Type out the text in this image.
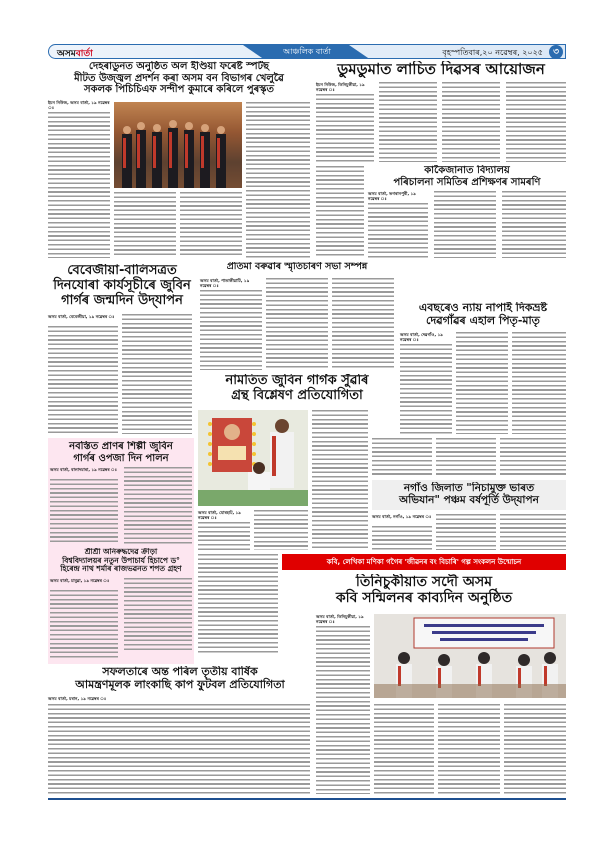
অসমবাৰ্তা	আঞ্চলিক বাৰ্তা	বৃহস্পতিবাৰ,২০ নৱেম্বৰ, ২০২৫	৩
দেহৰাডুনত অনুষ্ঠিত অল ইণ্ডিয়া ফৰেষ্ট স্পৰ্টছ
মীটত উজ্জ্বল প্ৰদৰ্শন কৰা অসম বন বিভাগৰ খেলুৱৈ
সকলক পিচিচিএফ সন্দীপ কুমাৰে কৰিলে পুৰস্কৃত
ইচন নিউজ, অসম বাৰ্তা, ১৯ নৱেম্বৰ ঃ
ডুমডুমাত লাচিত দিৱসৰ আয়োজন
ইচন নিউজ, তিনিচুকীয়া, ১৯ নৱেম্বৰ ঃ
কাকৈজানাত বিদ্যালয়
পৰিচালনা সমিতিৰ প্ৰশিক্ষণৰ সামৰণি
অসম বাৰ্তা, ভগৰানপুৰী, ১৯ নৱেম্বৰ ঃ
বেবেজীয়া-বালিসত্ৰত
দিনযোৰা কাৰ্যসূচীৰে জুবিন
গাৰ্গৰ জন্মদিন উদ্‌যাপন
অসম বাৰ্তা, বেবেজীয়া, ১৯ নৱেম্বৰ ঃ
প্ৰতিমা বৰুৱাৰ স্মৃতিচাৰণ সভা সম্পন্ন
অসম বাৰ্তা, পাতাকীয়াটি, ১৯ নৱেম্বৰ ঃ
এবছৰেও ন্যায় নাপাই দিকভ্ৰষ্ট
দেৱগাঁৱৰ এহাল পিতৃ-মাতৃ
অসম বাৰ্তা, দেৱগাঁও, ১৯ নৱেম্বৰ ঃ
নামতিত জুবিন গাৰ্গক সুঁৱৰি
গ্ৰন্থ বিশ্লেষণ প্ৰতিযোগিতা
অসম বাৰ্তা, যোৰহাট, ১৯ নৱেম্বৰ ঃ
নগাঁও জিলাত "নিচামুক্ত ভাৰত
অভিযান" পঞ্চম বৰ্ষপূৰ্তি উদ্‌যাপন
অসম বাৰ্তা, নগাঁও, ১৯ নৱেম্বৰ ঃ
নবস্তিত প্ৰাণৰ শিল্পী জুবিন
গাৰ্গৰ ওপজা দিন পালন
অসম বাৰ্তা, বালাদমাৰা, ১৯ নৱেম্বৰ ঃ
শ্ৰীশ্ৰী অনিৰুদ্ধদেৱ ক্ৰীড়া
বিশ্ববিদ্যালয়ৰ নতুন উপাচাৰ্য হিচাপে ড°
হিৰেন্দ্ৰ নাথ শৰ্মাৰ ৰাজভৱনত শপত গ্ৰহণ
অসম বাৰ্তা, চাবুৱা, ১৯ নৱেম্বৰ ঃ
কবি, লেখিকা মণিকা গগৈৰ 'জীৱনৰ বং বিচাৰি' গল্প সংকলন উন্মোচন
তিনিচুকীয়াত সদৌ অসম
কবি সন্মিলনৰ কাব্যদিন অনুষ্ঠিত
অসম বাৰ্তা, তিনিচুকীয়া, ১৯ নৱেম্বৰ ঃ
সফলতাৰে অন্ত পৰিল তৃতীয় বাৰ্ষিক
আমন্ত্ৰণমূলক লাংকাছি কাপ ফুটবল প্ৰতিযোগিতা
অসম বাৰ্তা, মৰান, ১৯ নৱেম্বৰ ঃ
